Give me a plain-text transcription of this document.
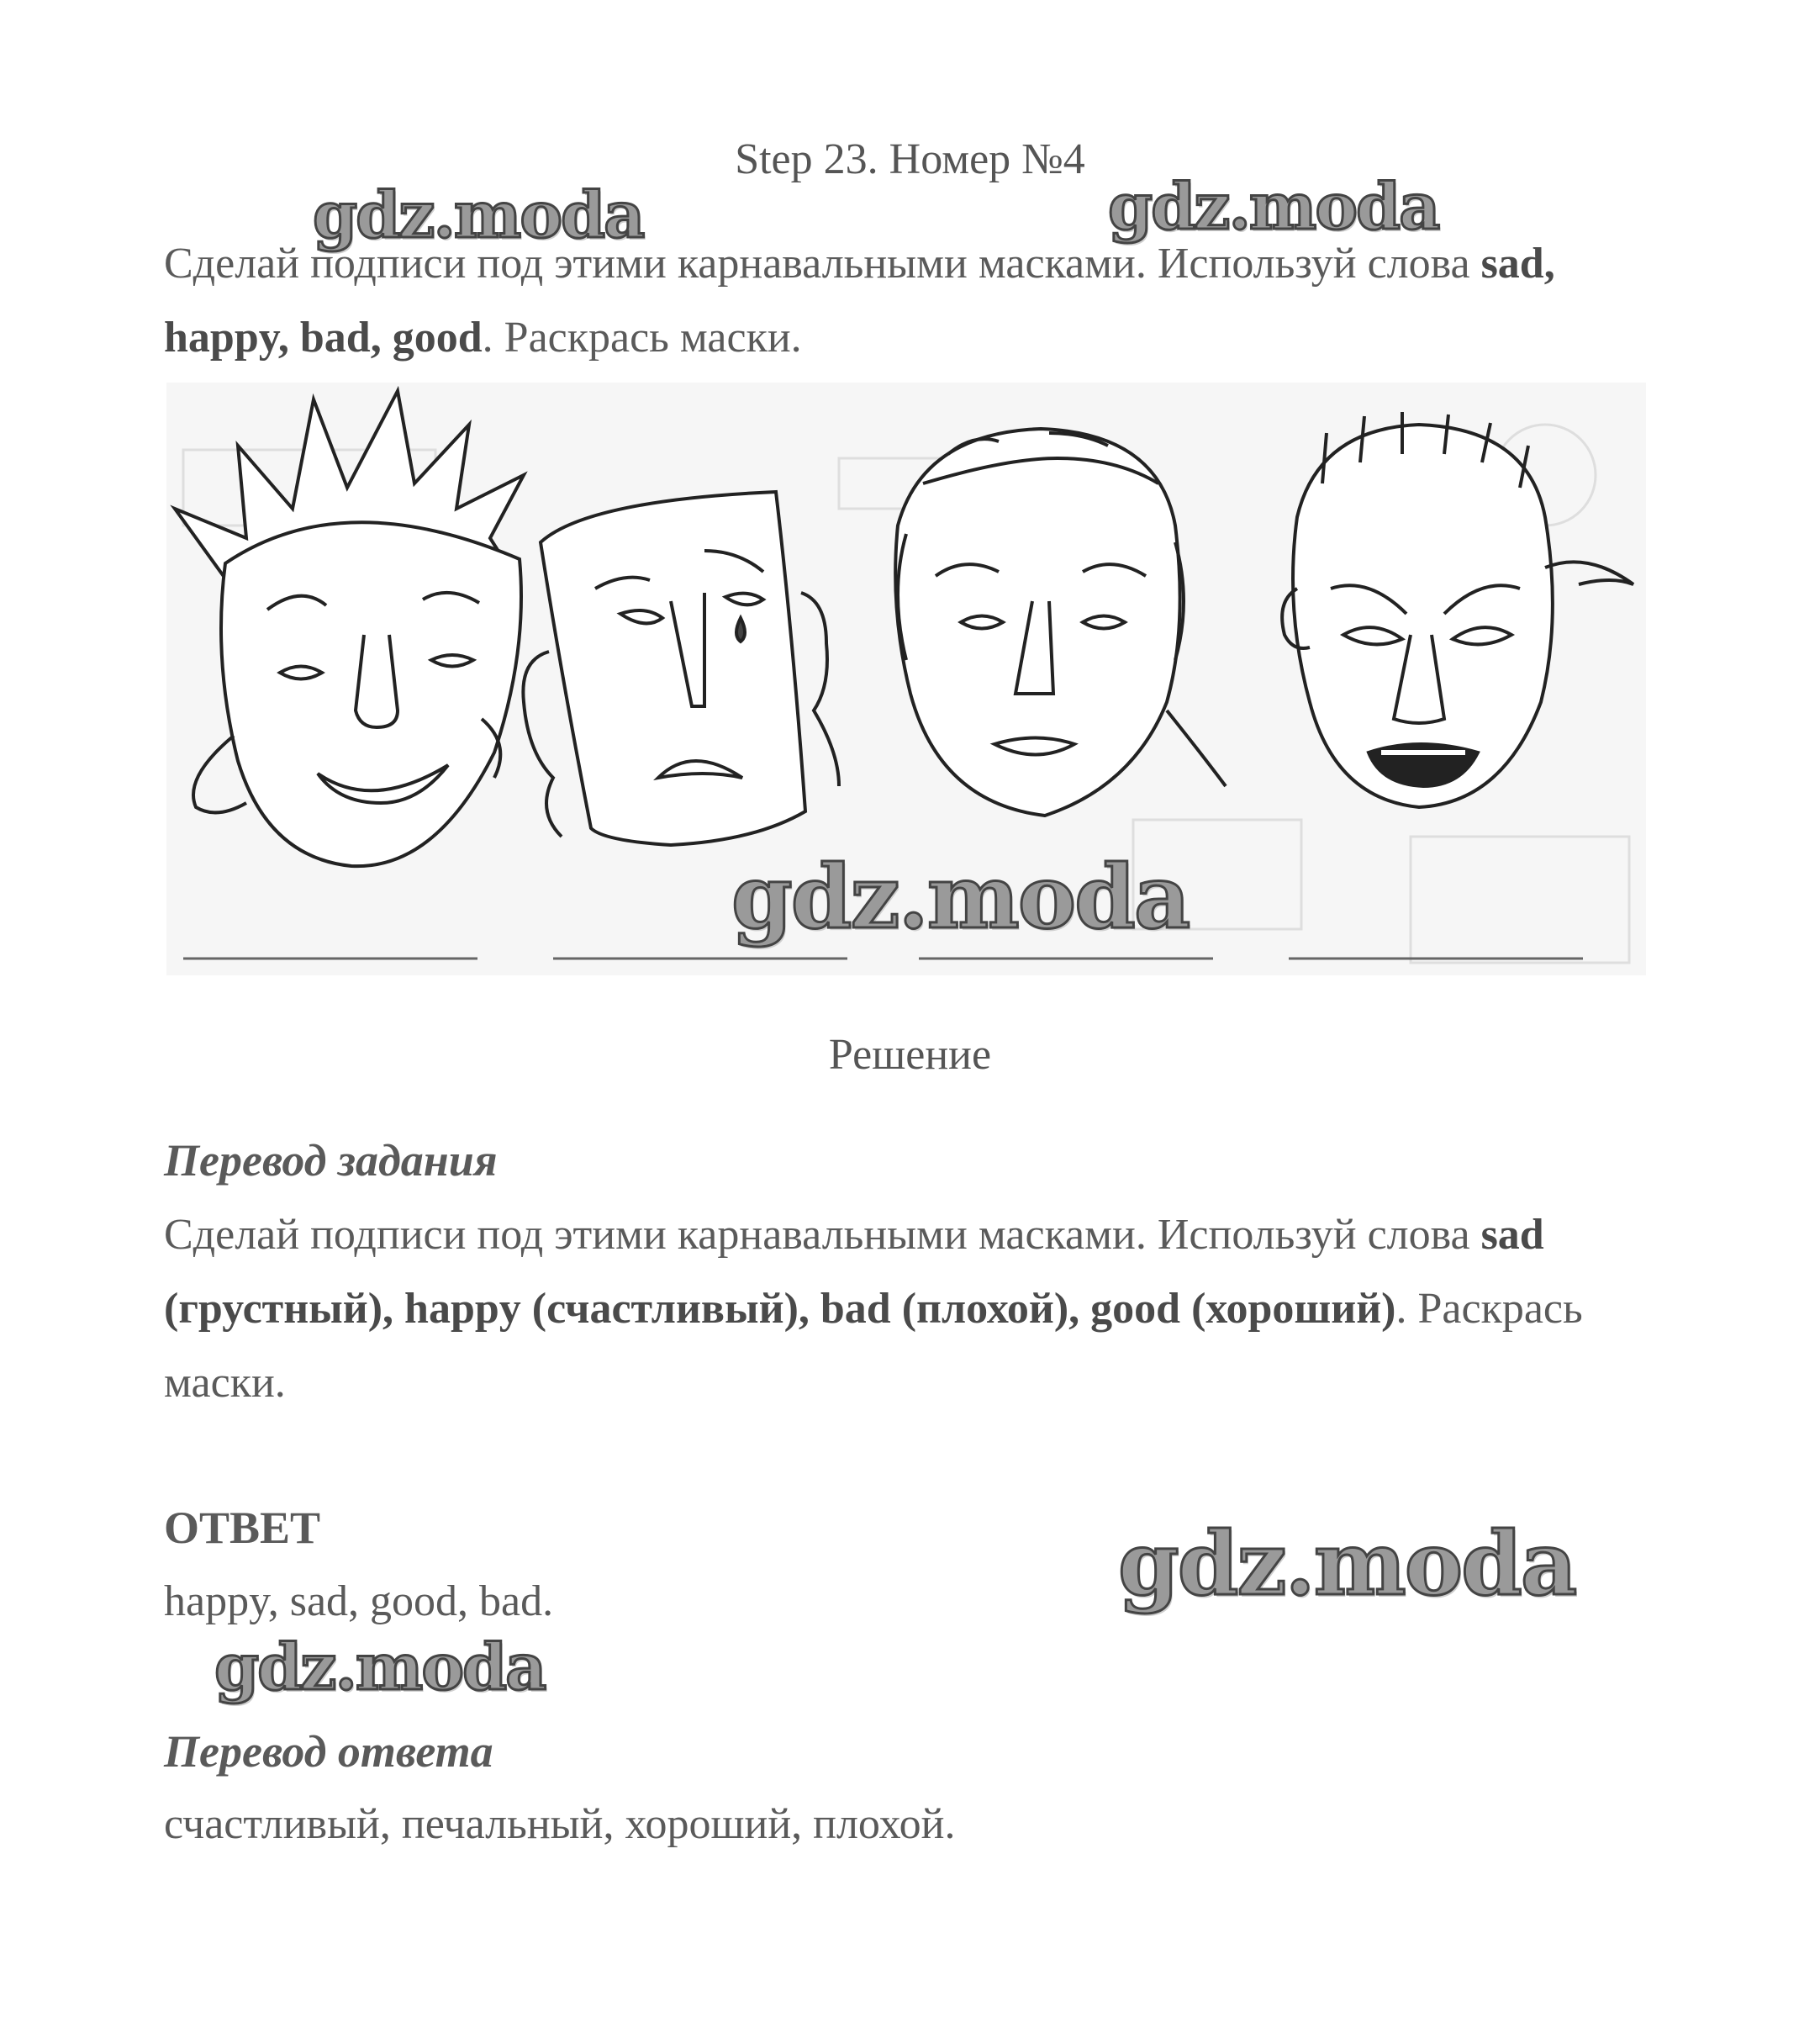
Step 23. Номер №4
gdz.moda	gdz.moda
Сделай подписи под этими карнавальными масками. Используй слова sad, happy, bad, good. Раскрась маски.
gdz.moda
Решение
Перевод задания
Сделай подписи под этими карнавальными масками. Используй слова sad (грустный), happy (счастливый), bad (плохой), good (хороший). Раскрась маски.
ОТВЕТ
happy, sad, good, bad.	gdz.moda
gdz.moda
Перевод ответа
счастливый, печальный, хороший, плохой.
